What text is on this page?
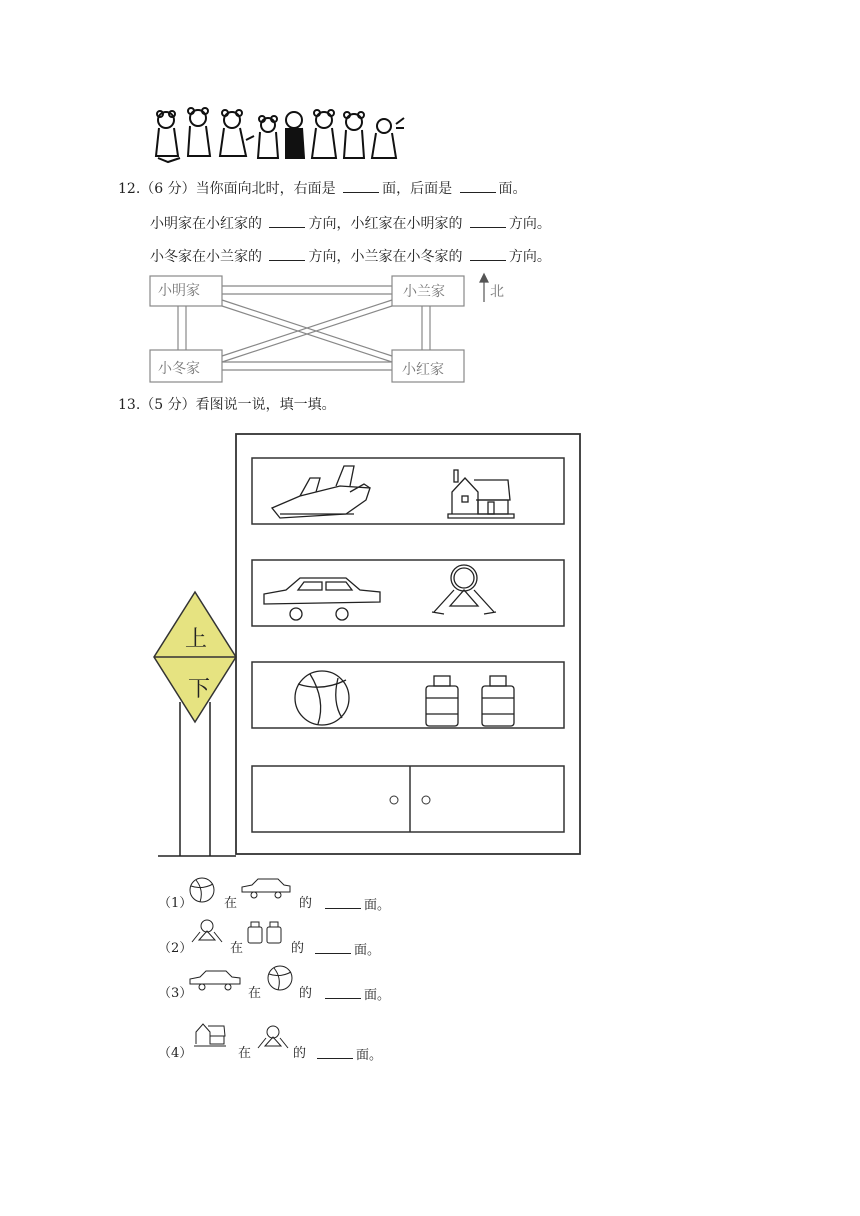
12.（6 分）当你面向北时，右面是	面，后面是	面。
小明家在小红家的	方向，小红家在小明家的	方向。
小冬家在小兰家的	方向，小兰家在小冬家的	方向。
小明家	小兰家
小冬家	小红家
北
13.（5 分）看图说一说，填一填。
上
下
（1） 在	的	面。
（2）	在	的	面。
（3）	在	的	面。
（4）	在	的	面。
